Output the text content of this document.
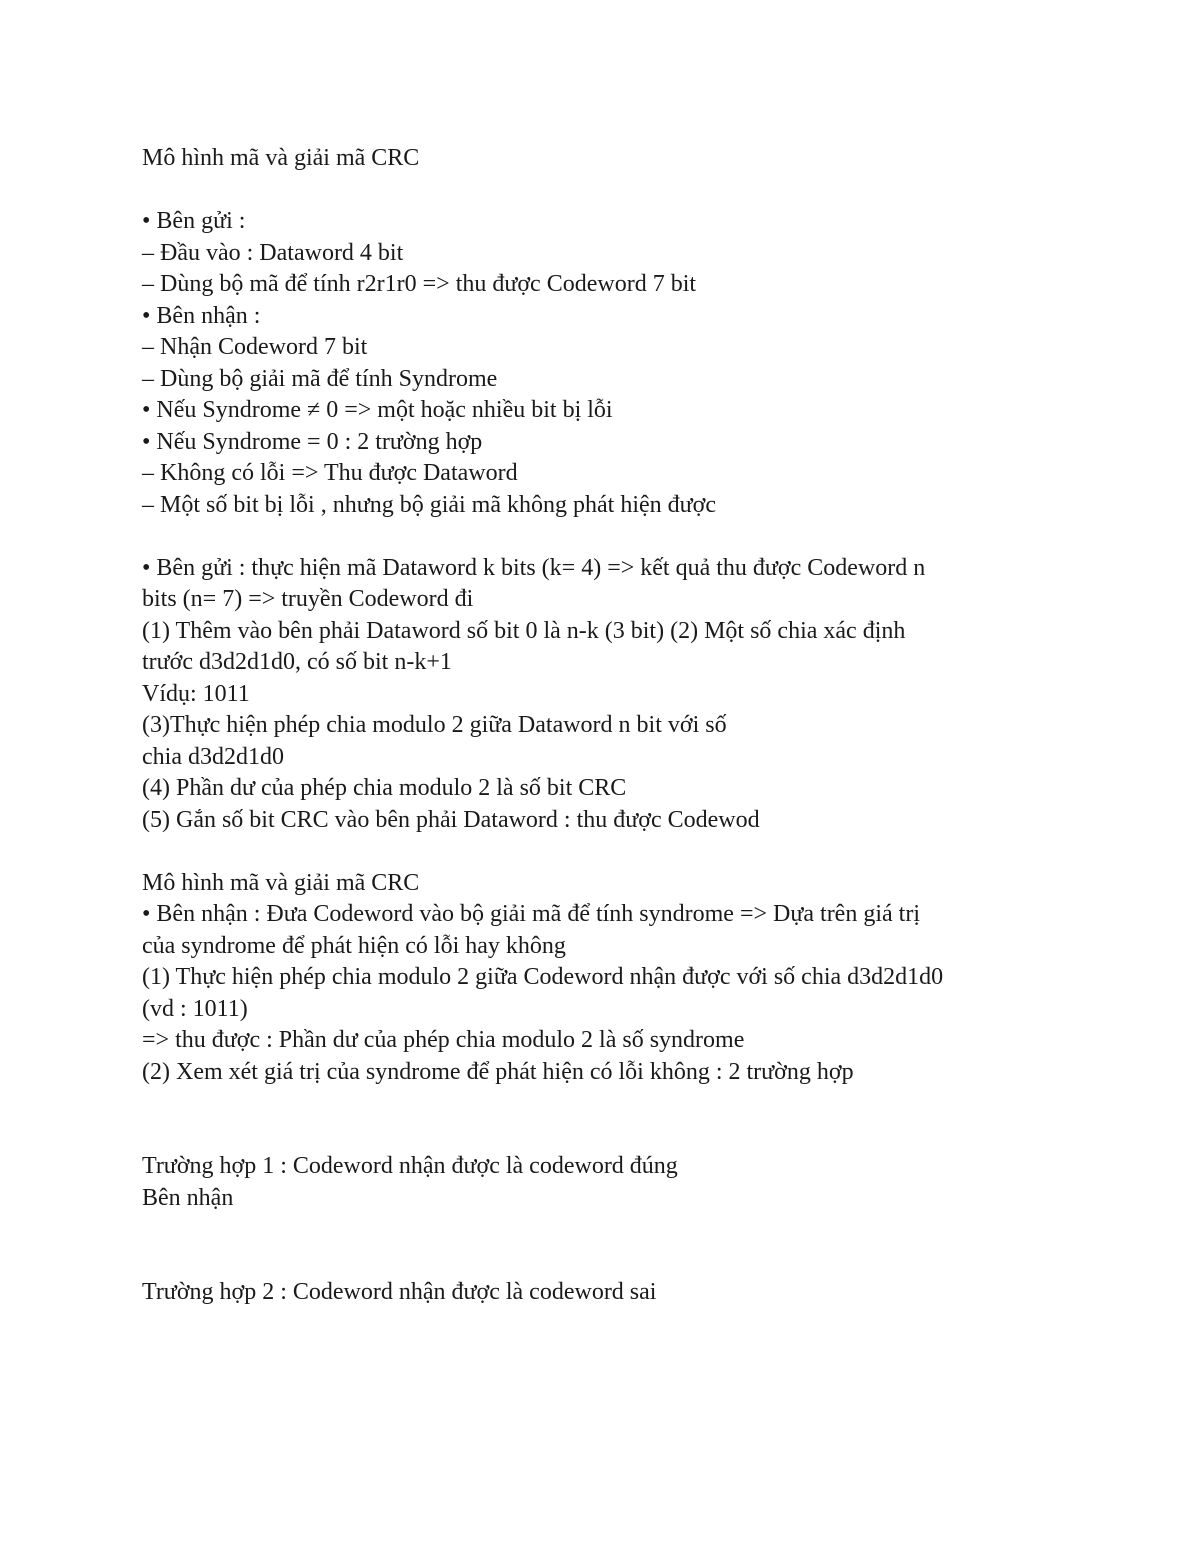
Mô hình mã và giải mã CRC
• Bên gửi :
– Đầu vào : Dataword 4 bit
– Dùng bộ mã để tính r2r1r0 => thu được Codeword 7 bit
• Bên nhận :
– Nhận Codeword 7 bit
– Dùng bộ giải mã để tính Syndrome
• Nếu Syndrome ≠ 0 => một hoặc nhiều bit bị lỗi
• Nếu Syndrome = 0 : 2 trường hợp
– Không có lỗi => Thu được Dataword
– Một số bit bị lỗi , nhưng bộ giải mã không phát hiện được
• Bên gửi : thực hiện mã Dataword k bits (k= 4) => kết quả thu được Codeword n
bits (n= 7) => truyền Codeword đi
(1) Thêm vào bên phải Dataword số bit 0 là n-k (3 bit) (2) Một số chia xác định
trước d3d2d1d0, có số bit n-k+1
Vídụ: 1011
(3)Thực hiện phép chia modulo 2 giữa Dataword n bit với số
chia d3d2d1d0
(4) Phần dư của phép chia modulo 2 là số bit CRC
(5) Gắn số bit CRC vào bên phải Dataword : thu được Codewod
Mô hình mã và giải mã CRC
• Bên nhận : Đưa Codeword vào bộ giải mã để tính syndrome => Dựa trên giá trị
của syndrome để phát hiện có lỗi hay không
(1) Thực hiện phép chia modulo 2 giữa Codeword nhận được với số chia d3d2d1d0
(vd : 1011)
=> thu được : Phần dư của phép chia modulo 2 là số syndrome
(2) Xem xét giá trị của syndrome để phát hiện có lỗi không : 2 trường hợp
Trường hợp 1 : Codeword nhận được là codeword đúng
Bên nhận
Trường hợp 2 : Codeword nhận được là codeword sai
